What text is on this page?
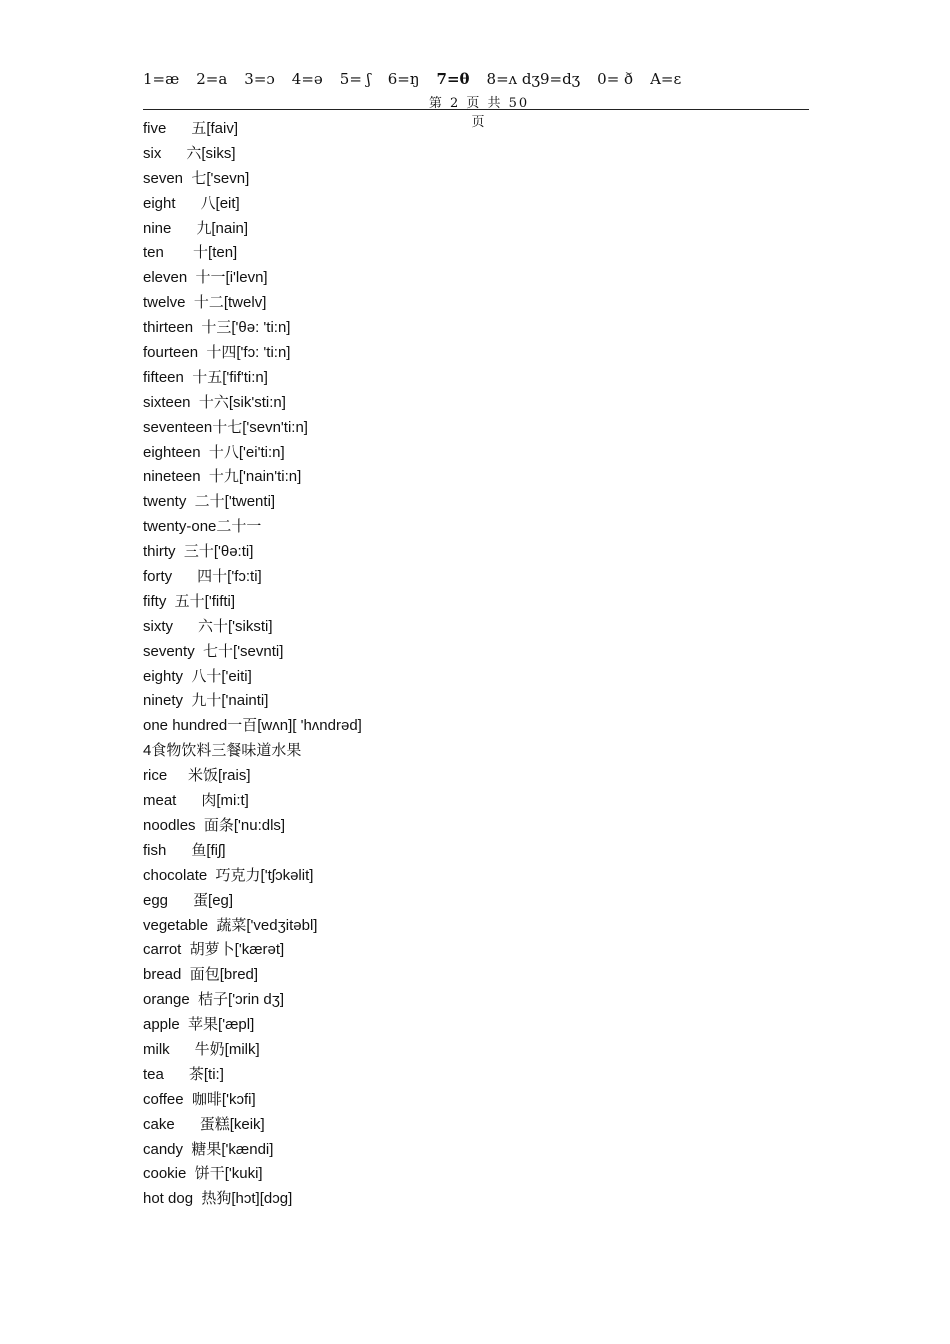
1=æ 2=a 3=ɔ 4=ə 5= ʃ 6=ŋ 7=θ 8=ʌ dʒ9=dʒ 0= ð A=ɛ
第 2 页 共 50 页
five      五[faiv]
six      六[siks]
seven  七['sevn]
eight      八[eit]
nine      九[nain]
ten       十[ten]
eleven  十一[i'levn]
twelve  十二[twelv]
thirteen  十三['θə: 'ti:n]
fourteen  十四['fɔ: 'ti:n]
fifteen  十五['fif'ti:n]
sixteen  十六[sik'sti:n]
seventeen十七['sevn'ti:n]
eighteen  十八['ei'ti:n]
nineteen  十九['nain'ti:n]
twenty  二十['twenti]
twenty-one二十一
thirty  三十['θə:ti]
forty      四十['fɔ:ti]
fifty  五十['fifti]
sixty      六十['siksti]
seventy  七十['sevnti]
eighty  八十['eiti]
ninety  九十['nainti]
one hundred一百[wʌn][ 'hʌndrəd]
4食物饮料三餐味道水果
rice     米饭[rais]
meat      肉[mi:t]
noodles  面条['nu:dls]
fish      鱼[fiʃ]
chocolate  巧克力['tʃɔkəlit]
egg      蛋[eg]
vegetable  蔬菜['vedʒitəbl]
carrot  胡萝卜['kærət]
bread  面包[bred]
orange  桔子['ɔrin dʒ]
apple  苹果['æpl]
milk      牛奶[milk]
tea      茶[ti:]
coffee  咖啡['kɔfi]
cake      蛋糕[keik]
candy  糖果['kændi]
cookie  饼干['kuki]
hot dog  热狗[hɔt][dɔg]
